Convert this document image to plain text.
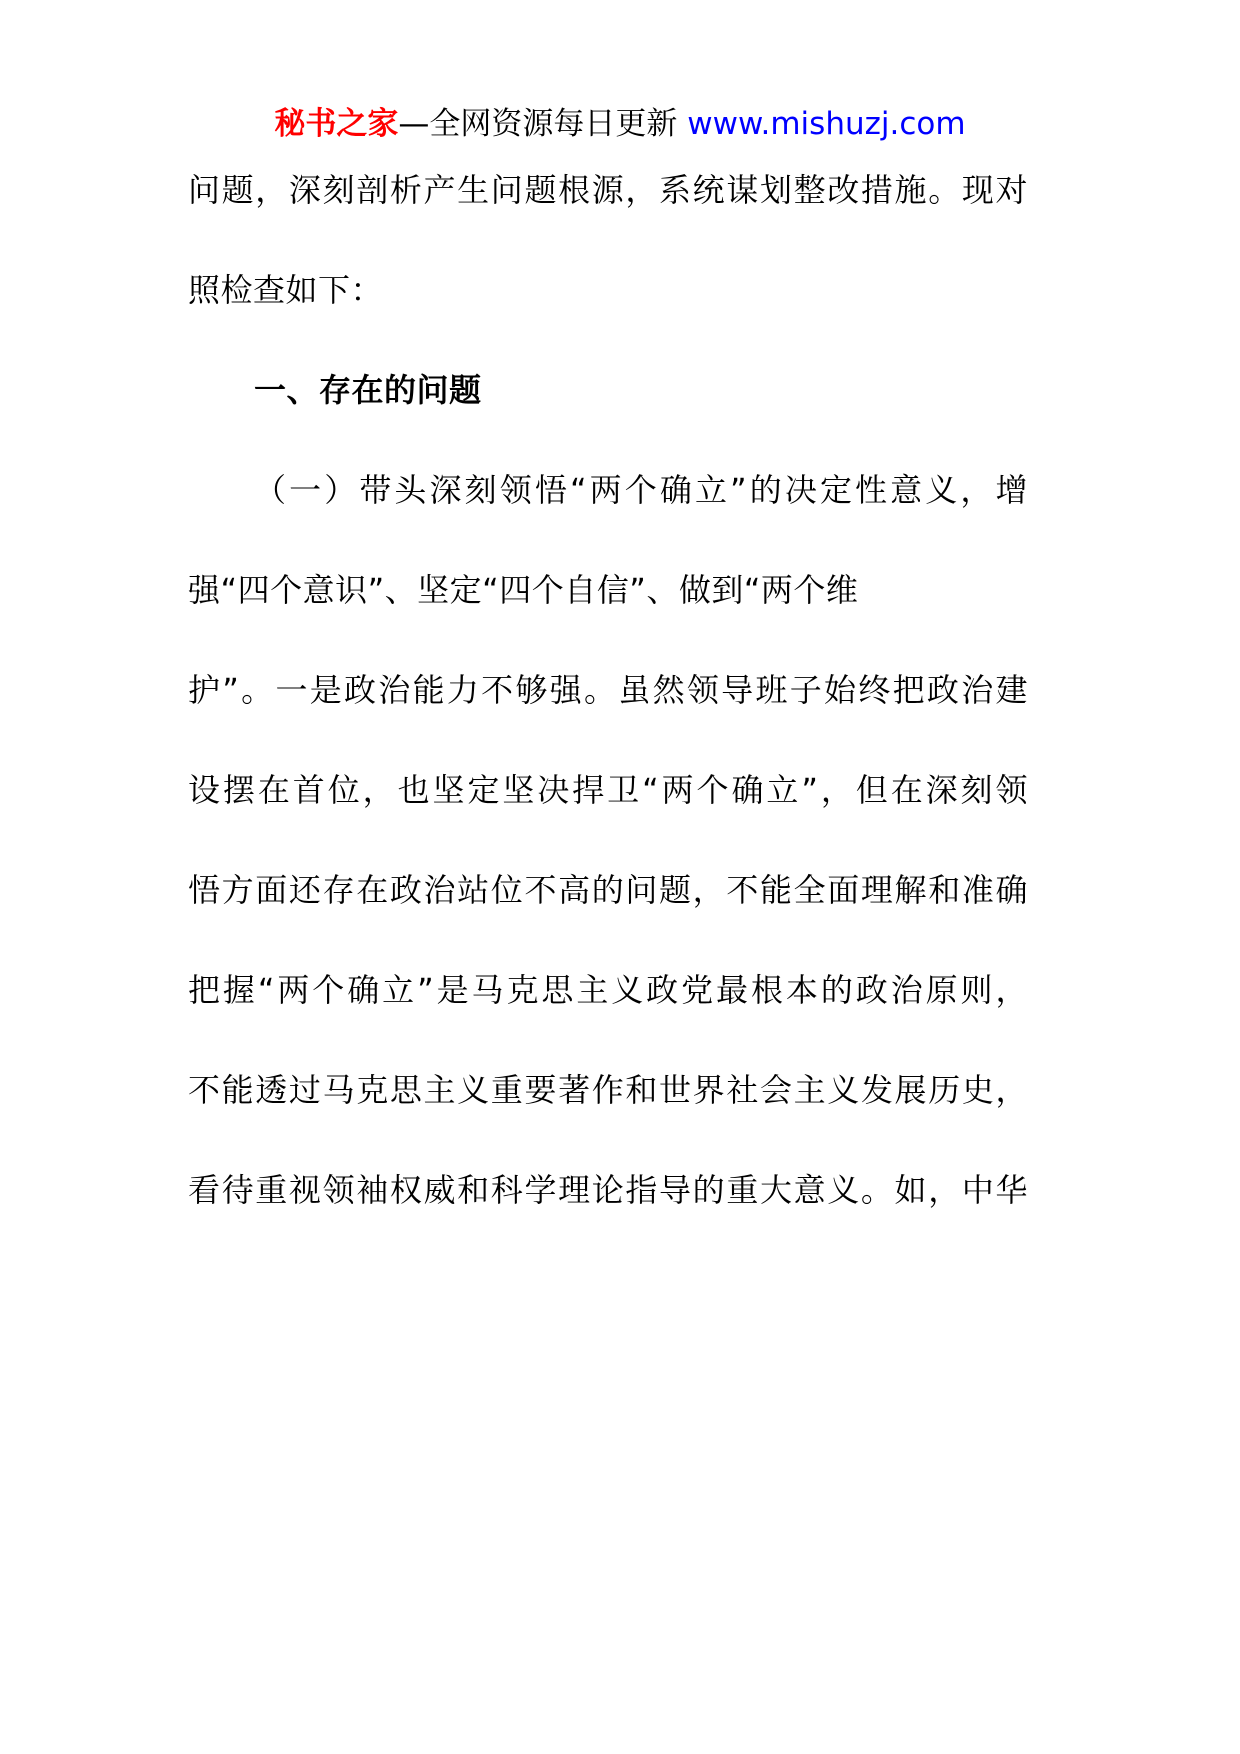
秘书之家—全网资源每日更新 www.mishuzj.com
问题，深刻剖析产生问题根源，系统谋划整改措施。现对
照检查如下：
一、存在的问题
（一）带头深刻领悟“两个确立”的决定性意义，增
强“四个意识”、坚定“四个自信”、做到“两个维
护”。一是政治能力不够强。虽然领导班子始终把政治建
设摆在首位，也坚定坚决捍卫“两个确立”，但在深刻领
悟方面还存在政治站位不高的问题，不能全面理解和准确
把握“两个确立”是马克思主义政党最根本的政治原则，
不能透过马克思主义重要著作和世界社会主义发展历史，
看待重视领袖权威和科学理论指导的重大意义。如，中华
